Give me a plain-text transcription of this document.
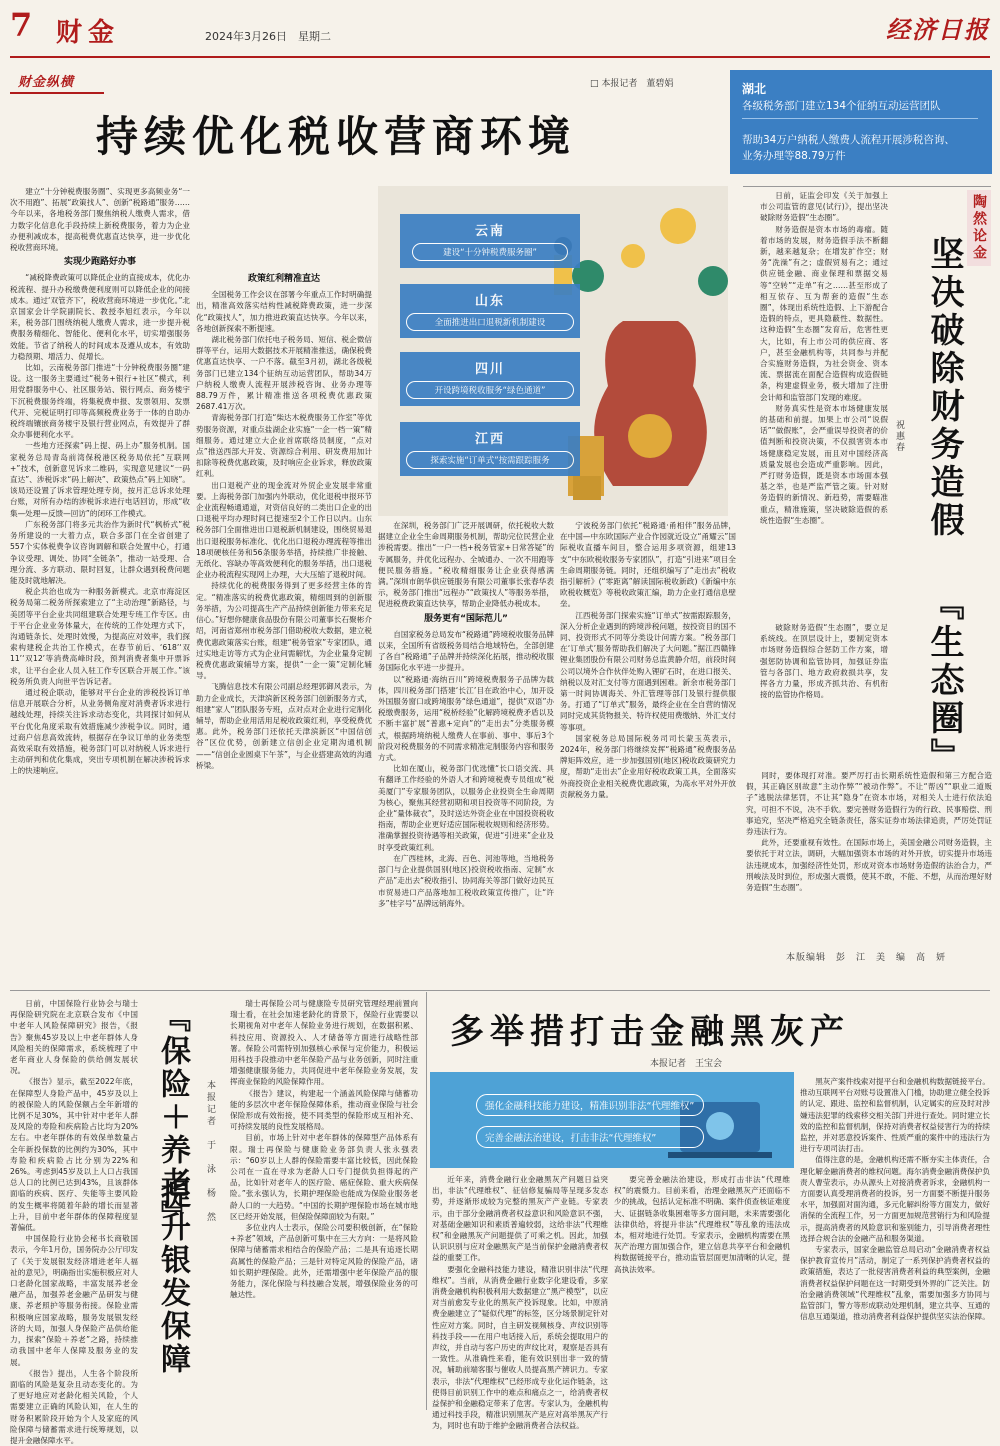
7 财金	2024年3月26日　星期二	经济日报
财金纵横	□ 本报记者　董碧娟
持续优化税收营商环境
湖北
各级税务部门建立134个征纳互动运营团队
帮助34万户纳税人缴费人流程开展涉税咨询、
业务办理等88.79万件

建立“十分钟税费服务圈”、实现更多高频业务“一次不用跑”、拓展“政策找人”、创新“税路通”服务……今年以来，各地税务部门聚焦纳税人缴费人需求，借力数字化信息化手段持续上新税费服务，着力为企业办便利减成本，提高税费优惠直达快享，进一步优化税收营商环境。

实现少跑路好办事

“减税降费政策可以降低企业的直接成本，优化办税流程、提升办税缴费便利度则可以降低企业的间接成本。通过‘双管齐下’，税收营商环境进一步优化。”北京国家会计学院副院长、教授李旭红表示，今年以来，税务部门围绕纳税人缴费人需求，进一步提升税费服务精细化、智能化、便利化水平，切实增强服务效能。节省了纳税人的时间成本及遵从成本，有效助力稳预期、增活力、促增长。

比如，云南税务部门推进“十分钟税费服务圈”建设。这一服务主要通过“税务+银行+社区”模式，利用党群服务中心、社区服务站、银行网点、商务楼宇下沉税费服务终端，将集税费申报、发票领用、发票代开、完税证明打印等高频税费业务于一体的自助办税终端镶嵌商务楼宇及银行营业网点，有效提升了群众办事便利化水平。

一些地方还探索“码上提、码上办”服务机制。国家税务总局青岛前湾保税港区税务局依托“互联网+”技术，创新意见诉求二维码，实现意见建议“一码直达”、涉税诉求“码上解决”、政策热点“码上知晓”。该局还设置了诉求管理处理专岗，按月汇总诉求处理台账，对所有办结的涉税诉求进行电话回访，形成“收集—处理—反馈—回访”的闭环工作模式。

广东税务部门将多元共治作为新时代“枫桥式”税务所建设的一大着力点，联合多部门在全省创建了557个实体税费争议咨询调解和联合处置中心，打通争议受理、调处、协同“全链条”，推动一站受理、合理分流、多方联动、限时回复，让群众遇到税费问题能及时就地解决。

税企共治也成为一种服务新模式。北京市海淀区税务局第二税务所探索建立了“主动治理”新路径，与美团等平台企业共同组建联合处理专班工作专区。由于平台企业业务体量大，在传统的工作处理方式下，沟通链条长、处理时效慢，为提高应对效率，我们探索构建税企共治工作模式，在春节前后、‘618’‘双11’‘双12’等消费高峰时段，预判消费者集中开票诉求，让平台企业人员入驻工作专区联合开展工作。”该税务所负责人向世平告诉记者。

通过税企联动，能够对平台企业的涉税投诉订单信息开展联合分析，从业务侧角度对消费者诉求进行越线处理，持续关注诉求动态变化，共同探讨如何从平台优化角度采取有效措施减少涉税争议。同时，通过商户信息高效流转，根据存在争议订单的业务类型高效采取有效措施，税务部门可以对纳税人诉求进行主动研判和优化集成，突出专项机制在解决涉税诉求上的快速响应。

政策红利精准直达

全国税务工作会议在部署今年重点工作时明确提出，精准高效落实结构性减税降费政策，进一步深化“政策找人”，加力推进政策直达快享。今年以来，各地创新探索不断提速。

湖北税务部门依托电子税务局、短信、税企微信群等平台，运用大数据技术开展精准推送，确保税费优惠直达快享、一户不落。截至3月初，湖北各级税务部门已建立134个征纳互动运营团队，帮助34万户纳税人缴费人流程开展涉税咨询、业务办理等88.79万件，累计精准推送各项税费优惠政策2687.41万次。

青海税务部门打造“柴达木税费服务工作室”等优势服务资源，对重点盐湖企业实施“一企一档一策”精细服务。通过建立大企业首席联络员制度，“点对点”推送西部大开发、资源综合利用、研发费用加计扣除等税费优惠政策，及时响应企业诉求，释放政策红利。

出口退税产业的现金流对外贸企业发展非常重要。上海税务部门加强内外联动，优化退税申报环节企业流程畅通通道，对资信良好的二类出口企业的出口退税平均办理时间已提速至2个工作日以内。山东税务部门全面推进出口退税新机制建设，围绕贸易退出口退税服务标准化、优化出口退税办理流程等推出18项硬核任务和56条服务举措，持续推广非接触、无纸化、容缺办等高效便利化的服务举措，出口退税企业办税流程实现网上办理，大大压缩了退税时间。

持续优化的税费服务得到了更多经营主体的肯定。“精准落实的税费优惠政策，精细周到的创新服务举措，为公司提高生产产品持续创新能力带来充足信心。”好想你健康食品股份有限公司董事长石聚彬介绍，河南省郑州市税务部门借助税收大数据，建立税费优惠政策落实台账，组建“税务管家”专家团队，通过实地走访等方式为企业问需解忧，为企业量身定制税费优惠政策辅导方案，提供“一企一策”定制化辅导。

飞腾信息技术有限公司副总经理郭御风表示，为助力企业成长，天津滨新区税务部门创新服务方式，组建“家人”团队服务专班，点对点对企业进行定制化辅导，帮助企业用活用足税收政策红利，享受税费优惠。此外，税务部门还依托天津滨新区“中国信创谷”区位优势，创新建立信创企业定期沟通机制——“信创企业圆桌下午茶”，与企业搭建高效的沟通桥梁。

云南
建设“十分钟税费服务圈”
山东
全面推进出口退税新机制建设
四川
开设跨境税收服务“绿色通道”
江西
探索实施“订单式”按需跟踪服务

在深圳，税务部门广泛开展调研，依托税收大数据建立企业全生命周期服务机制，帮助完位民营企业涉税需要。推出“一户一档+税务管家+日常答疑”的专属服务，并优化远程办、全城通办、一次不用跑等便民服务措施。“税收精细服务让企业获得感满满。”深圳市朗华供应链服务有限公司董事长张春华表示，税务部门推出“远程办”“政策找人”等服务举措，促进税费政策直达快享，帮助企业降低办税成本。

服务更有“国际范儿”

自国家税务总局发布“税路通”跨境税收服务品牌以来，全国所有省级税务局结合地域特色，全部创建了各自“税路通”子品牌并持续深化拓展，推动税收服务国际化水平进一步提升。

以“税路通·海纳百川”跨境税费服务子品牌为载体，四川税务部门搭建‘长江’目在政治中心，加开设外国服务窗口或跨境服务“绿色通道”，提供“双语”办税缴费服务，运用“税桥经验”化解跨境税费矛盾以及不断丰富扩展“普惠+定向”的“走出去”分类服务模式，根据跨境纳税人缴费人在事前、事中、事后3个阶段对税费服务的不同需求精准定制服务内容和服务方式。

比如在厦山，税务部门优选懂“长口语交流、具有翻译工作经验的外语人才和跨境税费专员组成“税美厦门”专家服务团队，以服务企业投资全生命周期为核心，聚焦其经营初期和项目投资等不同阶段，为企业“量体裁衣”，及时送达外资企业在中国投资税收指南，帮助企业更好适应国际税收规则和经济形势。准确掌握投资待遇等相关政策，促进“引进来”企业及时享受政策红利。

在广西桂林，北海、百色、河池等地，当地税务部门与企业提供国别(地区)投资税收指南、定制“水产品”走出去“税收指引、协同海关等部门做好边民互市贸易进口产品落地加工税收政策宣传推广，让“许多”桂字号”品牌远销海外。

宁波税务部门依托“税路通·甬相伴”服务品牌，在中国—中东欧国际产业合作园就近设立“甬耀云”国际税收直播车间目，整合运用多项资源，组建13支“中东欧税收服务专家团队”，打造“引进来”项目全生命周期服务链。同时，还组织编写了“走出去”税收指引解析》(“零距离”解读国际税收新政)《新编中东欧税收概览》等税收政策汇编，助力企业打通信息壁垒。

江西税务部门探索实施“订单式”按需跟踪服务，深入分析企业遇到的跨境涉税问题，按投资目的国不同、投资形式不同等分类设计问需方案。“税务部门在‘订单式’服务帮助我们解决了大问题。”据江西赣锋锂业集团股份有限公司财务总监黄静介绍，前段时间公司以境外合作伙伴处购入锂矿石时，在进口报关、纳税以及对汇支付等方面遇到困难。新余市税务部门第一时间协调海关、外汇管理等部门及银行提供服务。打通了“订单式”服务，最终企业在全自营的情况同时完成其货物报关、特许权使用费缴纳、外汇支付等事项。

国家税务总局国际税务司司长蒙玉英表示，2024年，税务部门将继续发挥“税路通”税费服务品牌矩阵效应，进一步加强国别(地区)税收政策研究力度，帮助“走出去”企业用好税收政策工具，全面落实外商投资企业相关税费优惠政策，为高水平对外开放贡献税务力量。

陶然论金
坚决破除财务造假
『生态圈』
祝惠春

日前，证监会印发《关于加强上市公司监管的意见(试行)》，提出坚决破除财务造假“生态圈”。

财务造假是资本市场的毒瘤。随着市场的发展，财务造假手法不断翻新，越来越复杂；在增发扩作空；财务“洗澡”有之；虚假贸易有之；通过供应链金融、商业保理和票据交易等“空转”“走单”有之……甚至形成了相互依存、互为帮套的造假“生态圈”，体现出系统性造假、上下游配合造假的特点，更具隐蔽性、数据性。这种造假“生态圈”发育后，危害性更大，比如，有上市公司的供应商、客户，甚至金融机构等，共同参与并配合实施财务造假，为社会资金、资本流、票据流在面配合造假构成造假链条，构建虚假业务，极大增加了注册会计师和监管部门发现的难度。

财务真实性是资本市场健康发展的基础和前提。加果上市公司“说假话”“做假账”，会严重误导投资者的价值判断和投资决策，不仅损害资本市场健康稳定发展，而且对中国经济高质量发展也会造成严重影响。因此，严打财务造假，既是资本市场面本强基之举，也是严监严管之策。针对财务造假的新情况、新趋势，需要瞄准重点，精准施策，坚决破除造假的系统性造假“生态圈”。

破除财务造假“生态圈”，要立足系统线。在顶层设计上，要制定资本市场财务造假综合惩防工作方案，增强惩防协调和监管协同，加强证券监管与各部门、地方政府救损共享，发挥各方力量，形成齐抓共治、有机衔接的监管协作格局。

同时，要体现打对准。要严厉打击长期系统性造假和第三方配合造假，其正确区别故意“主动作弊”“被动作弊”。不让“帮凶”“职业二道贩子”逃脱法律惩罚，不让其“隐身”在资本市场，对相关人士进行依法追究，可担不不说，决不手软。要完善财务造假行为的行政、民事赔偿、刑事追究，坚决严格追究全链条责任，落实证券市场法律追责，严厉处罚证券违法行为。

此外，还要重视有效性。在国际市场上，美国金融公司财务造假，主要依托于对立法，调研，大幅加强资本市场的对外开放，切实提升市场违法违规成本，加强经济性处罚，形成对资本市场财务造假的法治合力，严刑峻法及时到位，形成强大震慑，使其不敢，不能、不想，从而治理好财务造假“生态圈”。

本版编辑　彭　江　美　编　高　妍

日前，中国保险行业协会与瑞士再保险研究院在北京联合发布《中国中老年人风险保障研究》报告，《报告》聚焦45岁及以上中老年群体人身风险相关的保障需求，系统梳理了中老年商业人身保险的供给侧发展状况。

《报告》显示，截至2022年底，在保障型人身险产品中，45岁及以上的被保险人的风险保额占全年新增的比例不足30%，其中针对中老年人群及风险的寿险和疾病险占比均为20%左右。中老年群体的有效保单数量占全年新投保数的比例约为30%，其中寿险和疾病险占比分别为22%和26%。考虑到45岁及以上人口占我国总人口的比例已达到43%，且该群体面临的疾病、医疗、失能等主要风险的发生概率将随着年龄的增长而显著上升，目前中老年群体的保障程度显著偏低。

中国保险行业协会秘书长商敬国表示，今年1月份，国务院办公厅印发了《关于发展银发经济增进老年人福祉的意见》，明确指出实施积极应对人口老龄化国家战略，丰富发展养老金融产品，加强养老金融产品研发与健康、养老照护等服务衔接。保险业需积极响应国家战略，服务发展银发经济的大局，加强人身保险产品供给能力，探索“保险＋养老”之路，持续推动我国中老年人保障及服务业的发展。

《报告》提出，人生各个阶段所面临的风险是复杂且动态变化的。为了更好地应对老龄化相关风险，个人需要建立正确的风险认知，在人生的财务积累阶段开始为个人及家庭的风险保障与储蓄需求进行统筹规划，以提升金融保障水平。

『保险＋养老』
提升银发保障
本报记者　于　泳　杨　然

瑞士再保险公司与健康险专员研究管理经理前置向瑞士看，在社会加速老龄化的背景下，保险行业需要以长期视角对中老年人保险业务进行规划，在数据积累、科技应用、资源投入、人才储备等方面进行战略性部署。保险公司需特别加强核心承保与定价能力，积极运用科技手段推动中老年保险产品与业务创新，同时注重增强健康服务能力，共同促进中老年保险业务发展，发挥商业保险的风险保障作用。

《报告》建议，构建起一个涵盖风险保障与储蓄功能的多层次中老年保险保障体系，推动商业保险与社会保险形成有效衔接，使不同类型的保险形成互相补充、可持续发展的良性发展格局。

目前，市场上针对中老年群体的保障型产品体系有限。瑞士再保险与健康险业务部负责人张永强表示：“60岁以上人群的保险需要丰富比较低，因此保险公司在一直在寻求为老龄人口专门提供负担得起的产品，比如针对老年人的医疗险、癌症保险、重大疾病保险。”张永强认为，长期护理保险也能成为保险业服务老龄人口的一大趋势。“中国的长期护理保险市场在城市地区已经开始发展，但保险保障面较为有限。”

多位业内人士表示，保险公司要积极创新，在“保险+养老”领域，产品创新可集中在三大方向：一是将风险保障与储蓄需求相结合的保险产品；二是具有追逐长期高属性的保险产品；三是针对特定风险的保险产品，诸如长期护理保险。此外，还需增强中老年保险产品的服务能力，深化保险与科技融合发展，增强保险业务的可触达性。

多举措打击金融黑灰产
本报记者　王宝会
强化金融科技能力建设，精准识别非法“代理维权”
完善金融法治建设，打击非法“代理维权”

近年来，消费金融行业金融黑灰产问题日益突出，非法“代理维权”、征信修复骗局等呈现多发态势，并逐渐形成较为完整的黑灰产产业链。专家表示，由于部分金融消费者权益意识和风险意识不强，对基础金融知识和素质普遍较弱，这给非法“代理维权”和金融黑灰产问题提供了可乘之机。因此，加强认识识别与应对金融黑灰产是当前保护金融消费者权益的重要工作。

要强化金融科技能力建设，精准识别非法“代理维权”。当前，从消费金融行业数字化建设看，多家消费金融机构积极利用大数据建立“黑产模型”，以应对当前愈发专业化的黑灰产投诉现象。比如，中原消费金融建立了“疑似代理”的标签，区分场景制定针对性应对方案。同时，自主研发视频核身、声纹识别等科技手段——在用户电话接入后，系统会提取用户的声纹，并自动与客户历史的声纹比对，观察是否具有一致性。从准确性来看，能有效识别出非一致的情况，辅助前端客服与催收人员提高黑产辨识力。专家表示，非法“代理维权”已经形成专业化运作链条，这使得目前识别工作中的难点和痛点之一，给消费者权益保护和金融稳定带来了危害。专家认为，金融机构通过科技手段，精准识别黑灰产是应对高举黑灰产行为，同时也有助于维护金融消费者合法权益。

要完善金融法治建设，形成打击非法“代理维权”的震慑力。目前来看，治理金融黑灰产还面临不少的挑战，包括认定标准不明确、案件侦查核证难度大、证据链条收集困难等多方面问题，未来需要强化法律供给，将提升非法“代理维权”等乱象的违法成本，相对地进行处罚。专家表示，金融机构需要在黑灰产治理方面加强合作，建立信息共享平台和金融机构数据链接平台，推动监管层面更加清晰的认定，提高执法效率。

黑灰产案件线索对提平台和金融机构数据链接平台。推动互联网平台对账号设置准入门槛，协助建立健全投诉的认定、跟进、监控和监督机制，认定属实的应及时对涉嫌违法犯罪的线索移交相关部门并进行查处。同时建立长效的监控和监督机制，保持对消费者权益侵害行为的持续监控，并对恶意投诉案件、性质严重的案件中的违法行为进行专项司法打击。

值得注意的是，金融机构还需不断夯实主体责任，合理化解金融消费者的维权问题。海尔消费金融消费保护负责人曹莹表示，办从源头上对接消费者诉求，金融机构一方面要认真受理消费者的投诉，另一方面要不断提升服务水平，加强面对面沟通，多元化解纠纷等方面发力，做好消保的全流程工作，另一方面更加规范营销行为和风险提示，提高消费者的风险意识和鉴别能力，引导消费者理性选择合规合法的金融产品和服务渠道。

专家表示，国家金融监管总局启动“金融消费者权益保护教育宣传月”活动，制定了一系列保护消费者权益的政策措施，表达了一批侵害消费者利益的典型案例，金融消费者权益保护问题在这一时期受到外界的广泛关注。防治金融消费领域“代理维权”乱象，需要加强多方协同与监管部门，警方等形成联动处理机制，建立共享、互通的信息互通渠道，推动消费者利益保护提供坚实法治保障。
